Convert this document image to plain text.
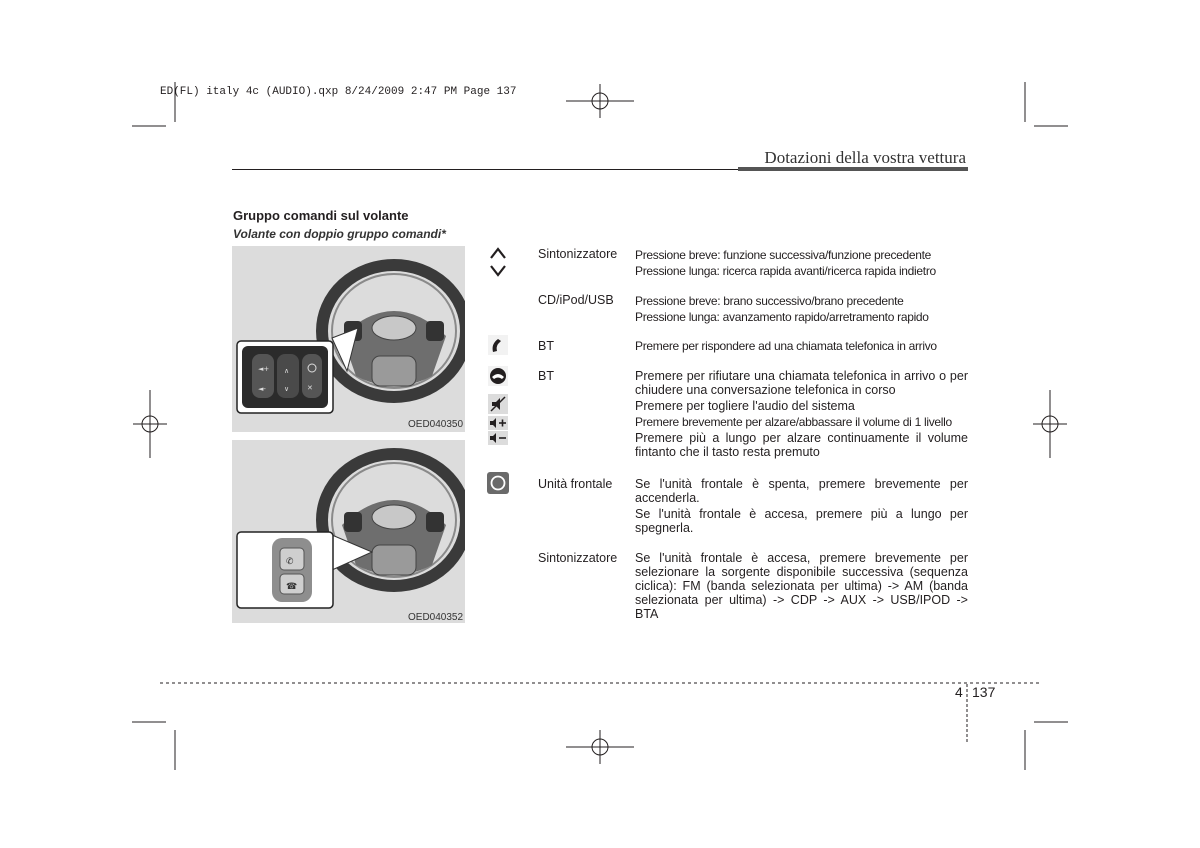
ED(FL) italy 4c (AUDIO).qxp 8/24/2009 2:47 PM Page 137
Dotazioni della vostra vettura
Gruppo comandi sul volante
Volante con doppio gruppo comandi*
◄+
◄-
∧
∨	✕
OED040350
✆
☎
OED040352
Sintonizzatore
CD/iPod/USB
BT
BT
Unità frontale
Sintonizzatore
Pressione breve: funzione successiva/funzione precedente
Pressione lunga: ricerca rapida avanti/ricerca rapida indietro
Pressione breve: brano successivo/brano precedente
Pressione lunga: avanzamento rapido/arretramento rapido
Premere per rispondere ad una chiamata telefonica in arrivo
Premere per rifiutare una chiamata telefonica in arrivo o per chiudere una conversazione telefonica in corso
Premere per togliere l'audio del sistema
Premere brevemente per alzare/abbassare il volume di 1 livello
Premere più a lungo per alzare continuamente il volume fintanto che il tasto resta premuto
Se l'unità frontale è spenta, premere brevemente per accenderla.
Se l'unità frontale è accesa, premere più a lungo per spegnerla.
Se l'unità frontale è accesa, premere brevemente per selezionare la sorgente disponibile successiva (sequenza ciclica): FM (banda selezionata per ultima) -> AM (banda selezionata per ultima) -> CDP -> AUX -> USB/IPOD -> BTA
4 137
